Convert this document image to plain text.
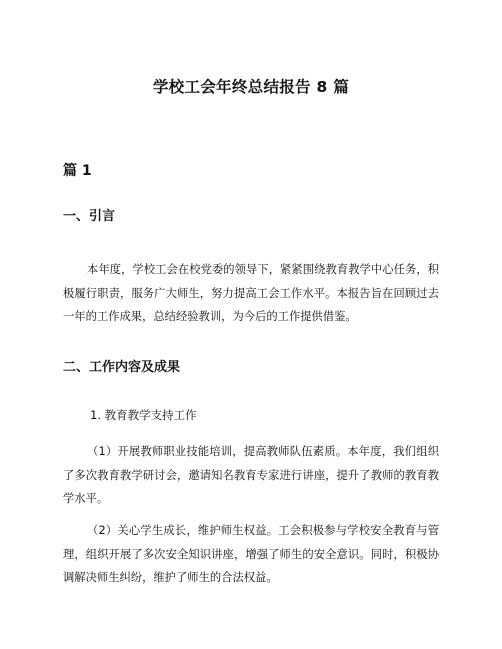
学校工会年终总结报告 8 篇
篇 1
一、引言

本年度，学校工会在校党委的领导下，紧紧围绕教育教学中心任务，积极履行职责，服务广大师生，努力提高工会工作水平。本报告旨在回顾过去一年的工作成果，总结经验教训，为今后的工作提供借鉴。

二、工作内容及成果
1. 教育教学支持工作

（1）开展教师职业技能培训，提高教师队伍素质。本年度，我们组织了多次教育教学研讨会，邀请知名教育专家进行讲座，提升了教师的教育教学水平。

（2）关心学生成长，维护师生权益。工会积极参与学校安全教育与管理，组织开展了多次安全知识讲座，增强了师生的安全意识。同时，积极协调解决师生纠纷，维护了师生的合法权益。
